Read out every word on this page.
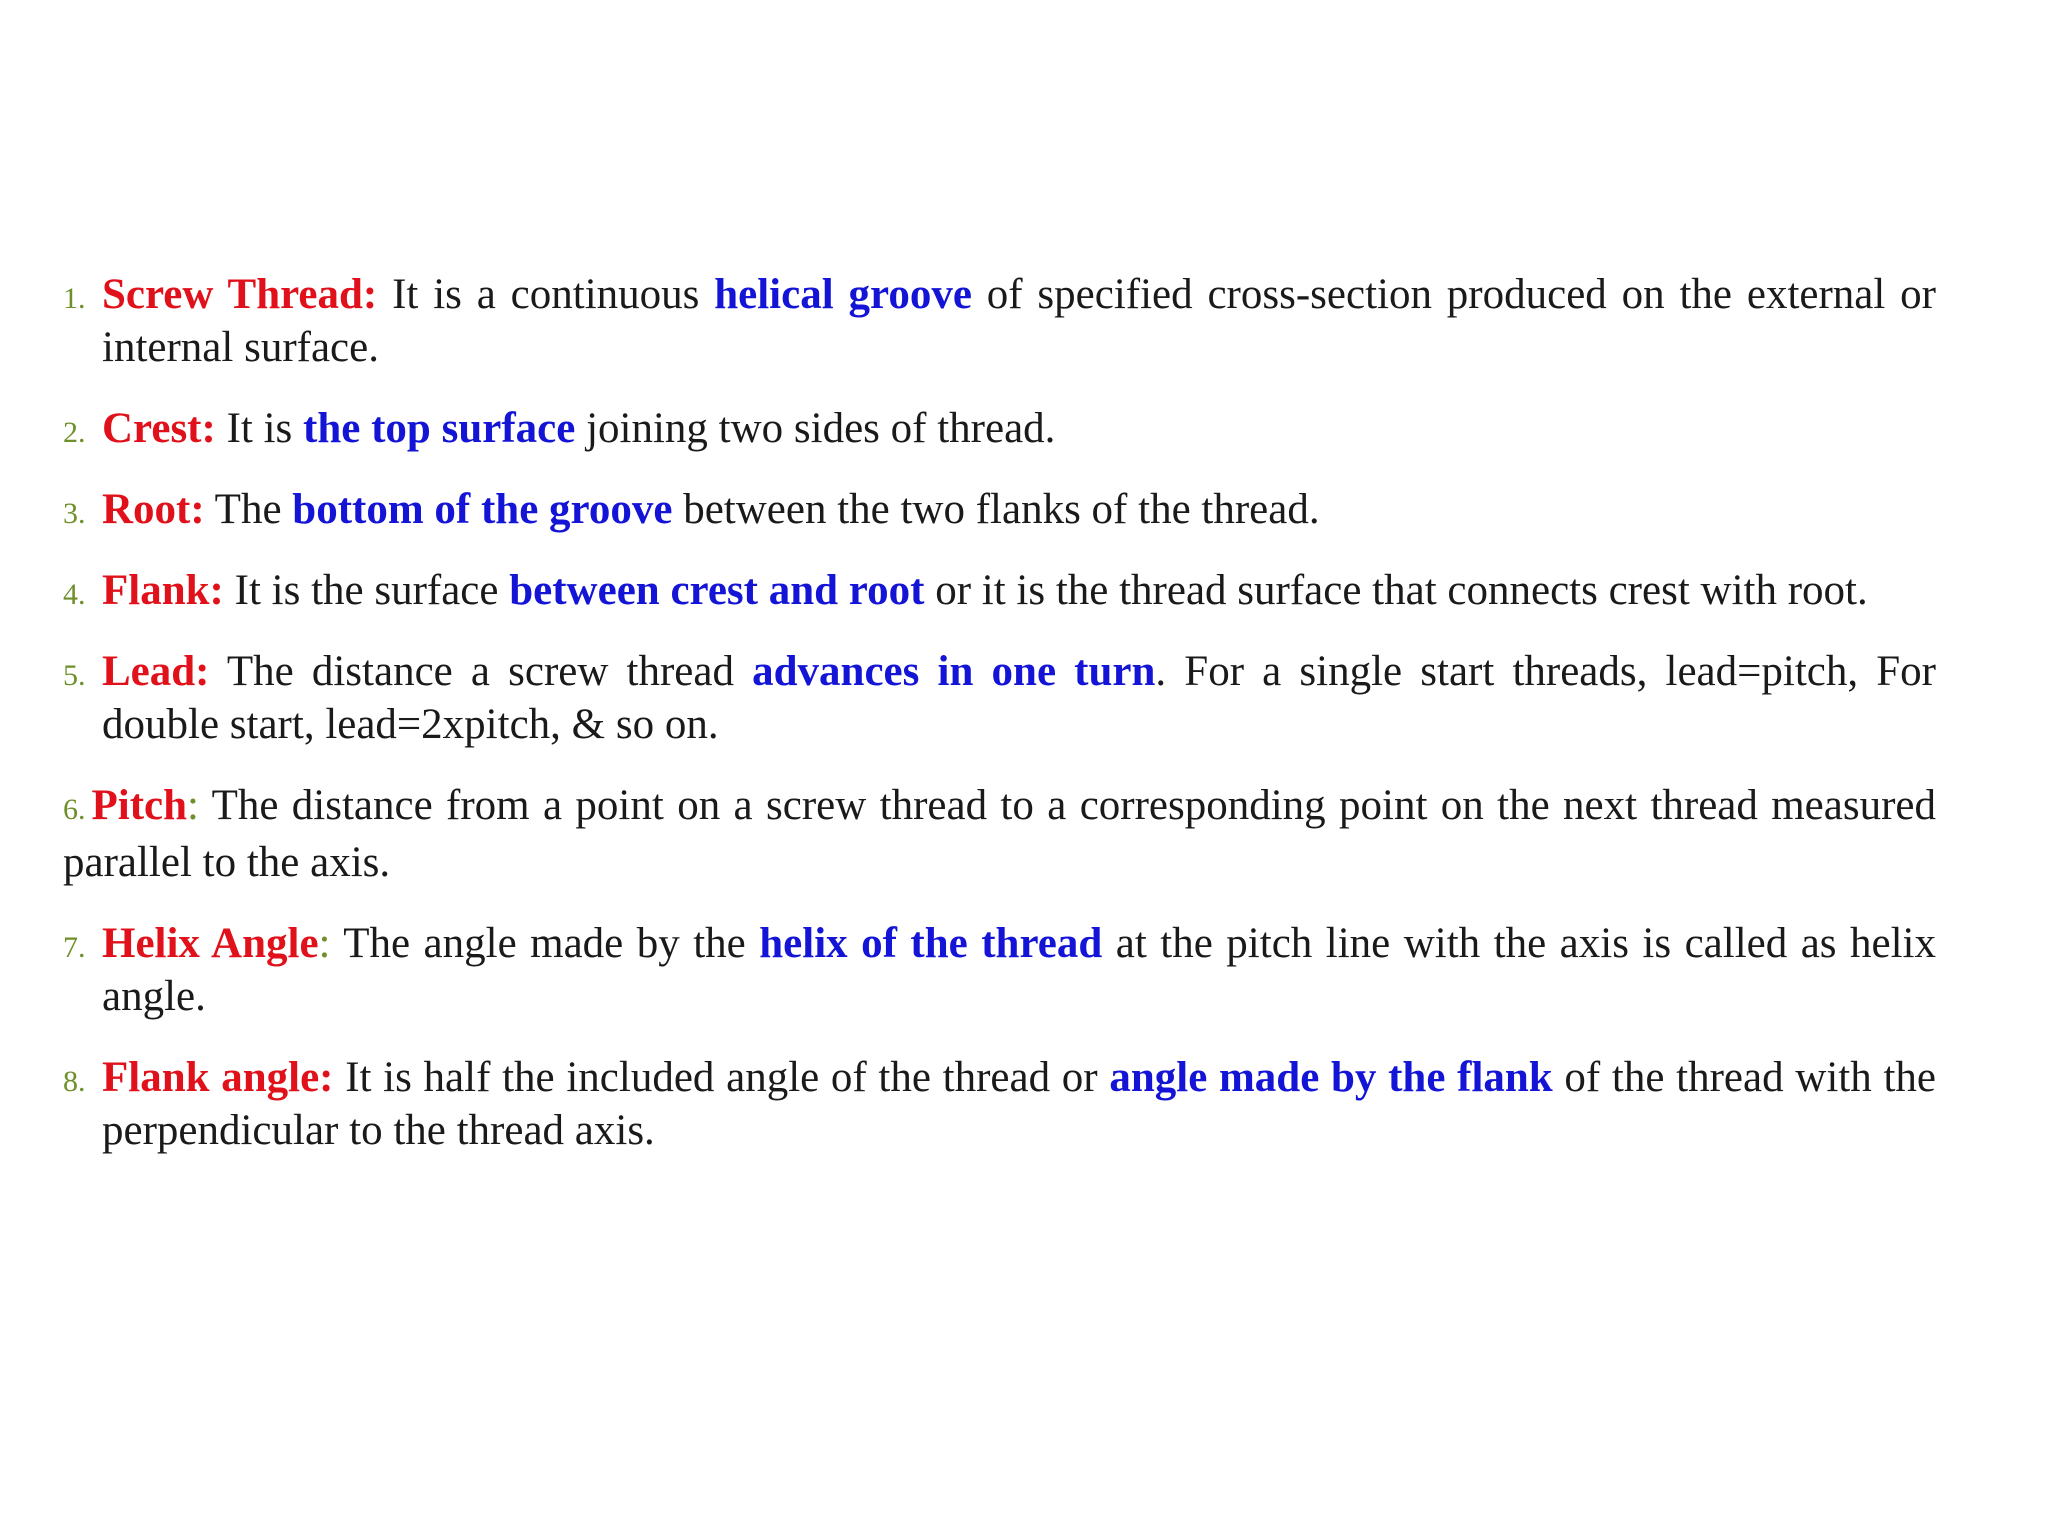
1. Screw Thread: It is a continuous helical groove of specified cross-section produced on the external or internal surface.

2. Crest: It is the top surface joining two sides of thread.

3. Root: The bottom of the groove between the two flanks of the thread.

4. Flank: It is the surface between crest and root or it is the thread surface that connects crest with root.

5. Lead: The distance a screw thread advances in one turn. For a single start threads, lead=pitch, For double start, lead=2xpitch, & so on.

6. Pitch: The distance from a point on a screw thread to a corresponding point on the next thread measured parallel to the axis.

7. Helix Angle: The angle made by the helix of the thread at the pitch line with the axis is called as helix angle.

8. Flank angle: It is half the included angle of the thread or angle made by the flank of the thread with the perpendicular to the thread axis.
